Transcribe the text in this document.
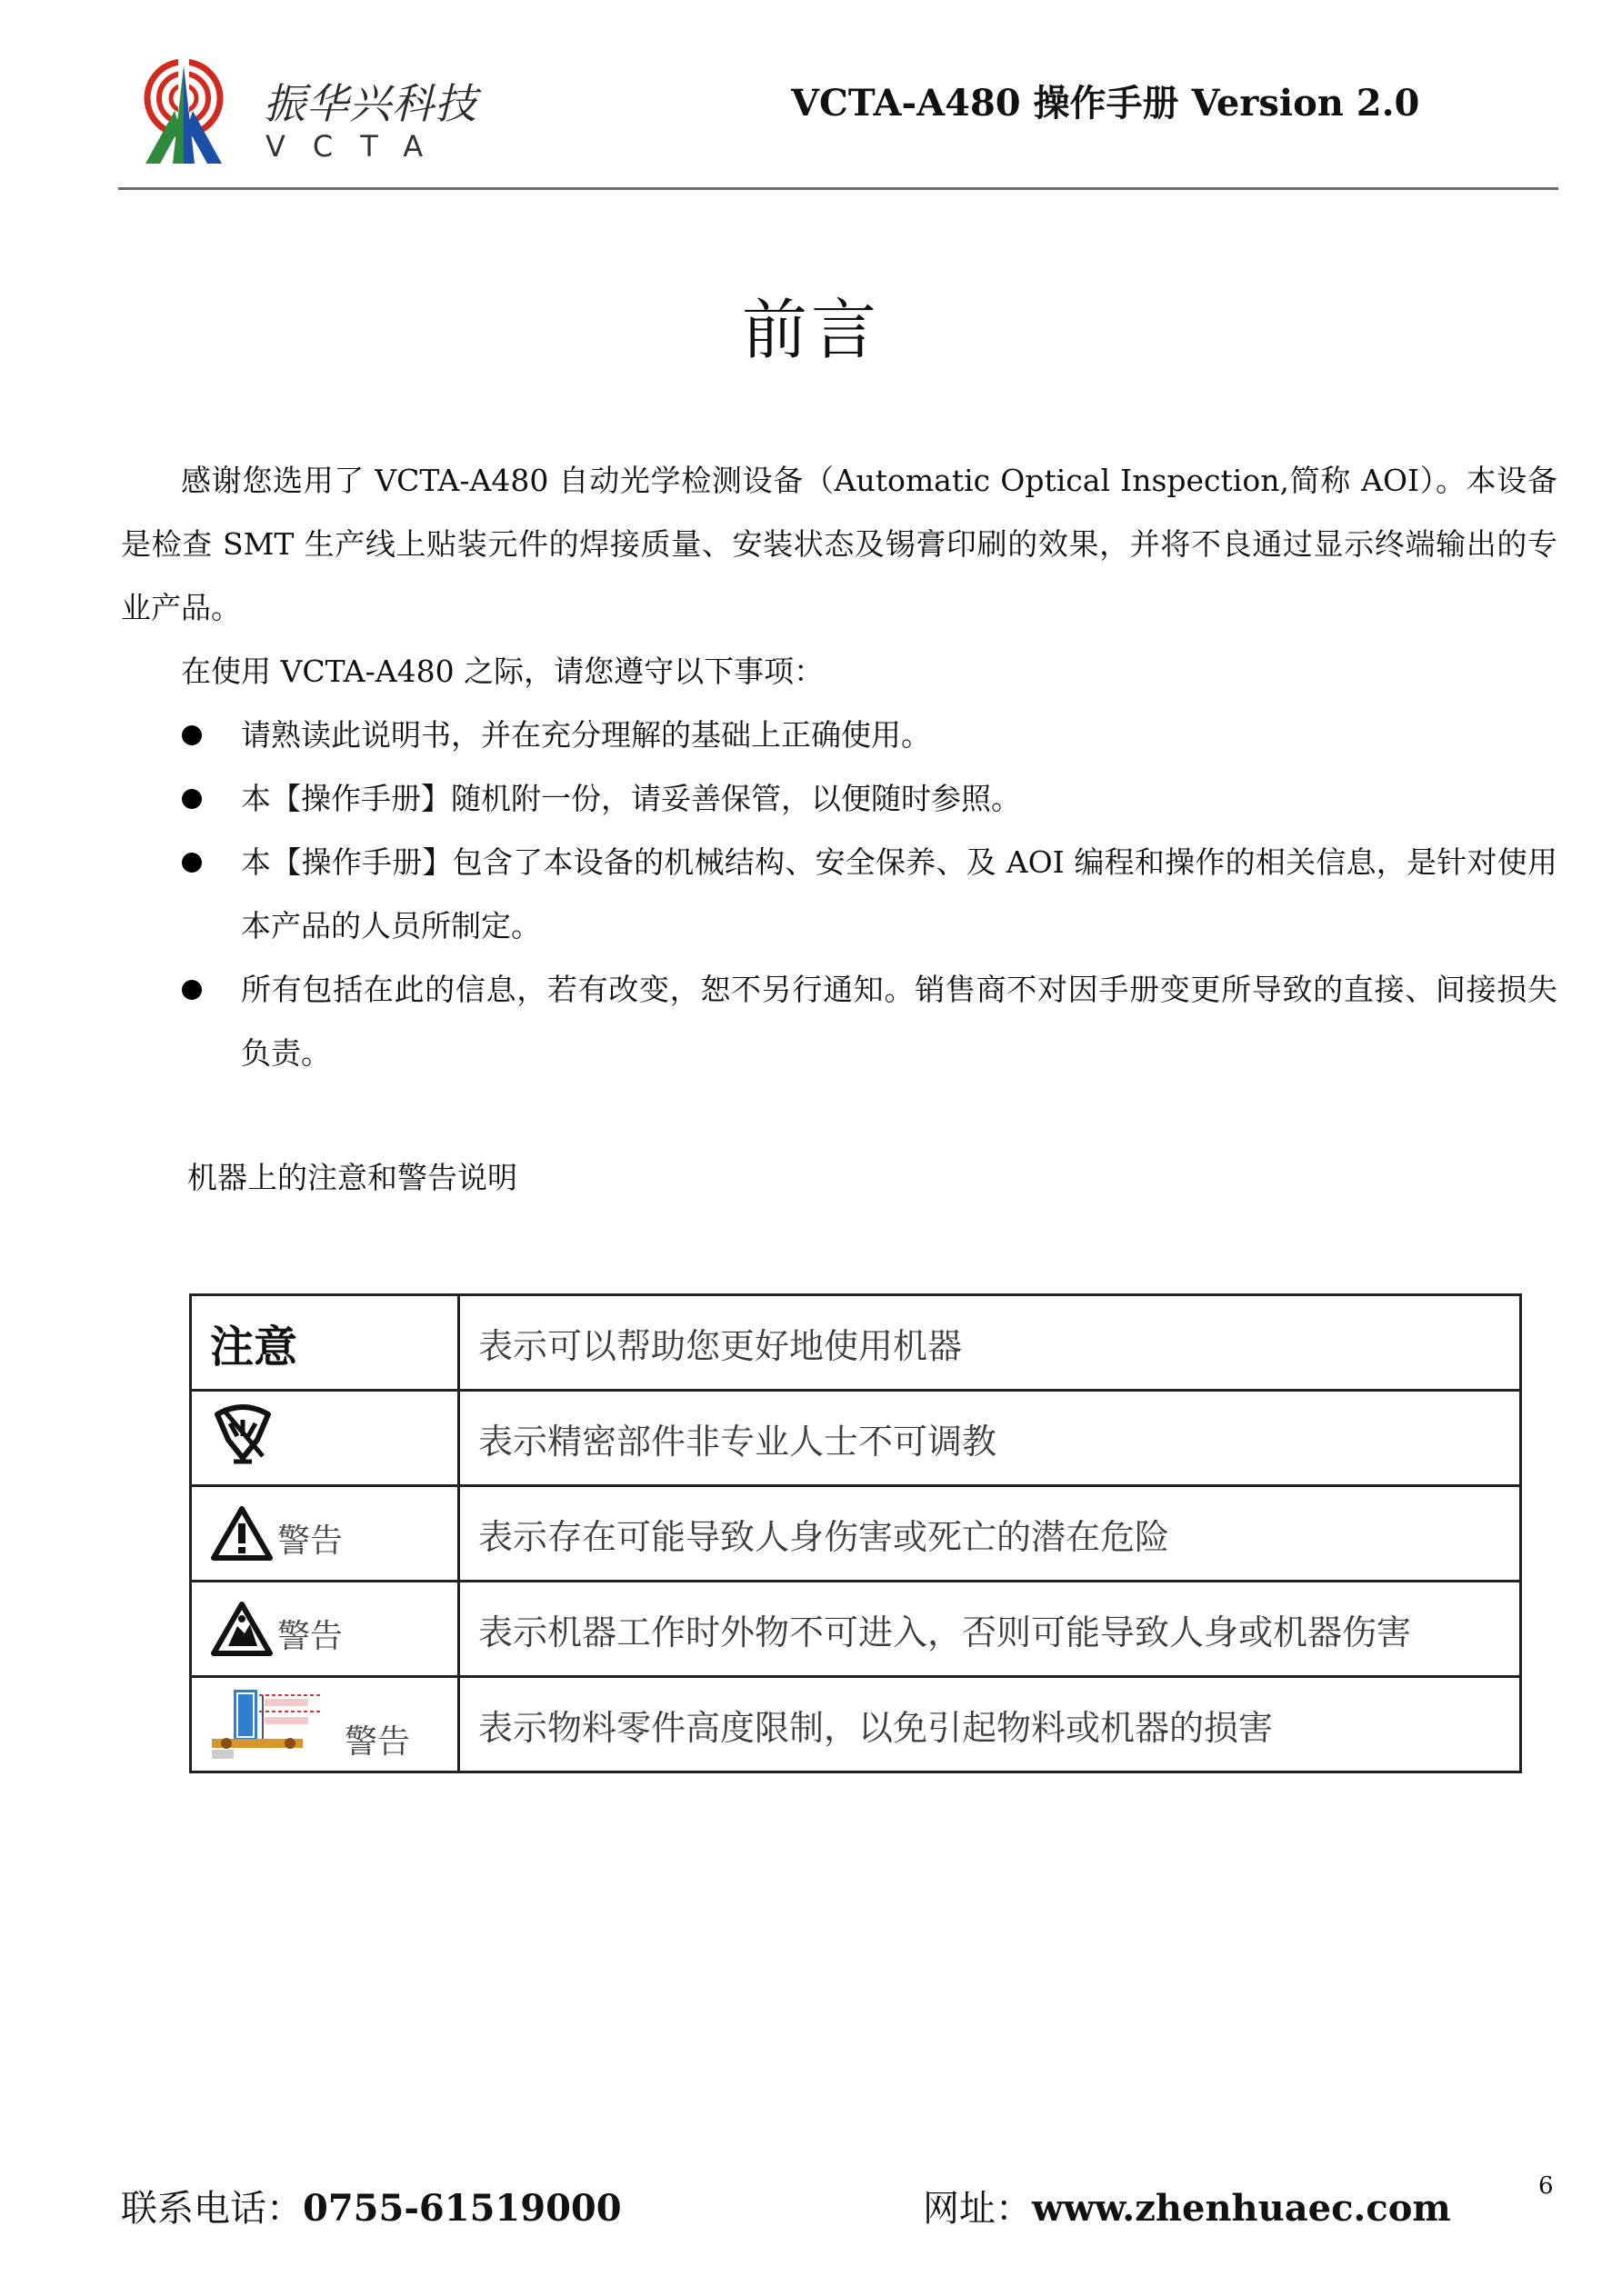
振华兴科技
VCTA
VCTA-A480 操作手册 Version 2.0
前言
感谢您选用了 VCTA-A480 自动光学检测设备（Automatic Optical Inspection,简称 AOI）。本设备是检查 SMT 生产线上贴装元件的焊接质量、安装状态及锡膏印刷的效果，并将不良通过显示终端输出的专业产品。
在使用 VCTA-A480 之际，请您遵守以下事项：
请熟读此说明书，并在充分理解的基础上正确使用。
本【操作手册】随机附一份，请妥善保管，以便随时参照。
本【操作手册】包含了本设备的机械结构、安全保养、及 AOI 编程和操作的相关信息，是针对使用本产品的人员所制定。
所有包括在此的信息，若有改变，恕不另行通知。销售商不对因手册变更所导致的直接、间接损失负责。
机器上的注意和警告说明
注意	表示可以帮助您更好地使用机器
	表示精密部件非专业人士不可调教

警告	表示存在可能导致人身伤害或死亡的潜在危险

警告	表示机器工作时外物不可进入，否则可能导致人身或机器伤害

警告	表示物料零件高度限制，以免引起物料或机器的损害
联系电话：0755-61519000	网址：www.zhenhuaec.com
6
